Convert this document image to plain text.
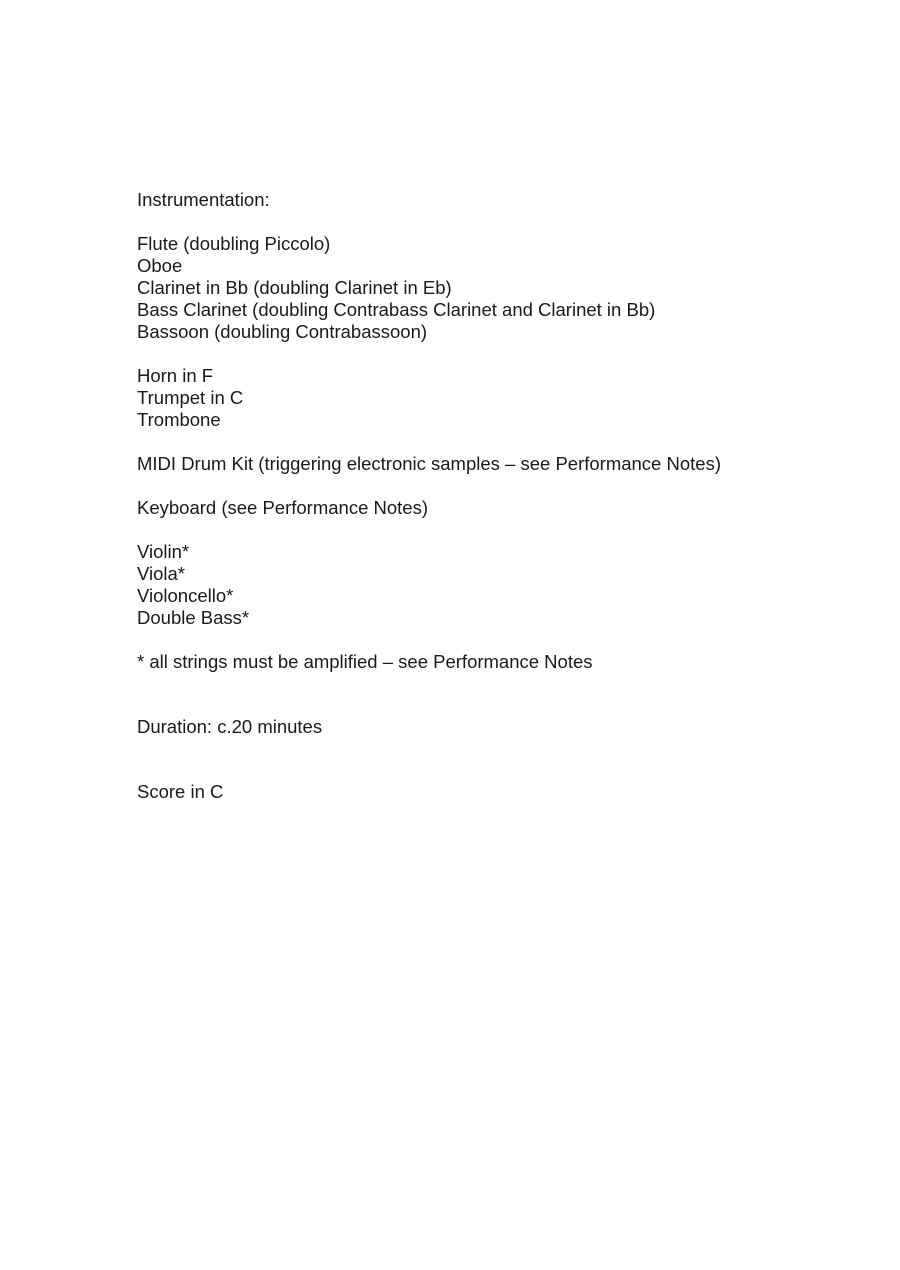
Instrumentation:
Flute (doubling Piccolo)
Oboe
Clarinet in Bb (doubling Clarinet in Eb)
Bass Clarinet (doubling Contrabass Clarinet and Clarinet in Bb)
Bassoon (doubling Contrabassoon)
Horn in F
Trumpet in C
Trombone
MIDI Drum Kit (triggering electronic samples – see Performance Notes)
Keyboard (see Performance Notes)
Violin*
Viola*
Violoncello*
Double Bass*
* all strings must be amplified – see Performance Notes
Duration: c.20 minutes
Score in C
